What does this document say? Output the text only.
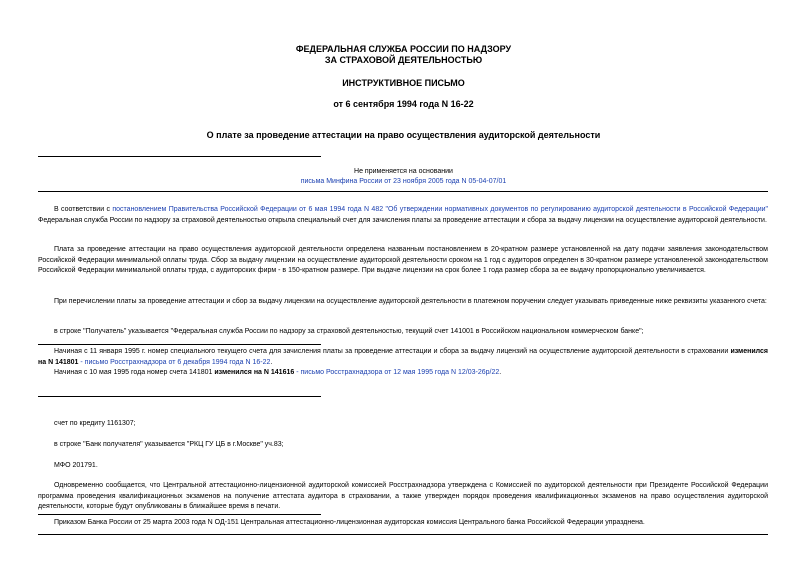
ФЕДЕРАЛЬНАЯ СЛУЖБА РОССИИ ПО НАДЗОРУ
ЗА СТРАХОВОЙ ДЕЯТЕЛЬНОСТЬЮ
ИНСТРУКТИВНОЕ ПИСЬМО
от 6 сентября 1994 года N 16-22
О плате за проведение аттестации на право осуществления аудиторской деятельности
Не применяется на основании
письма Минфина России от 23 ноября 2005 года N 05-04-07/01
В соответствии с постановлением Правительства Российской Федерации от 6 мая 1994 года N 482 "Об утверждении нормативных документов по регулированию аудиторской деятельности в Российской Федерации" Федеральная служба России по надзору за страховой деятельностью открыла специальный счет для зачисления платы за проведение аттестации и сбора за выдачу лицензии на осуществление аудиторской деятельности.
Плата за проведение аттестации на право осуществления аудиторской деятельности определена названным постановлением в 20-кратном размере установленной на дату подачи заявления законодательством Российской Федерации минимальной оплаты труда. Сбор за выдачу лицензии на осуществление аудиторской деятельности сроком на 1 год с аудиторов определен в 30-кратном размере установленной законодательством Российской Федерации минимальной оплаты труда, с аудиторских фирм - в 150-кратном размере. При выдаче лицензии на срок более 1 года размер сбора за ее выдачу пропорционально увеличивается.
При перечислении платы за проведение аттестации и сбор за выдачу лицензии на осуществление аудиторской деятельности в платежном поручении следует указывать приведенные ниже реквизиты указанного счета:
в строке "Получатель" указывается "Федеральная служба России по надзору за страховой деятельностью, текущий счет 141001 в Российском национальном коммерческом банке";
Начиная с 11 января 1995 г. номер специального текущего счета для зачисления платы за проведение аттестации и сбора за выдачу лицензий на осуществление аудиторской деятельности в страховании изменился на N 141801 - письмо Росстрахнадзора от 6 декабря 1994 года N 16-22.
Начиная с 10 мая 1995 года номер счета 141801 изменился на N 141616 - письмо Росстрахнадзора от 12 мая 1995 года N 12/03-26р/22.
счет по кредиту 1161307;
в строке "Банк получателя" указывается "РКЦ ГУ ЦБ в г.Москве" уч.83;
МФО 201791.
Одновременно сообщается, что Центральной аттестационно-лицензионной аудиторской комиссией Росстрахнадзора утверждена с Комиссией по аудиторской деятельности при Президенте Российской Федерации программа проведения квалификационных экзаменов на получение аттестата аудитора в страховании, а также утвержден порядок проведения квалификационных экзаменов на право осуществления аудиторской деятельности, которые будут опубликованы в ближайшее время в печати.
Приказом Банка России от 25 марта 2003 года N ОД-151 Центральная аттестационно-лицензионная аудиторская комиссия Центрального банка Российской Федерации упразднена.
